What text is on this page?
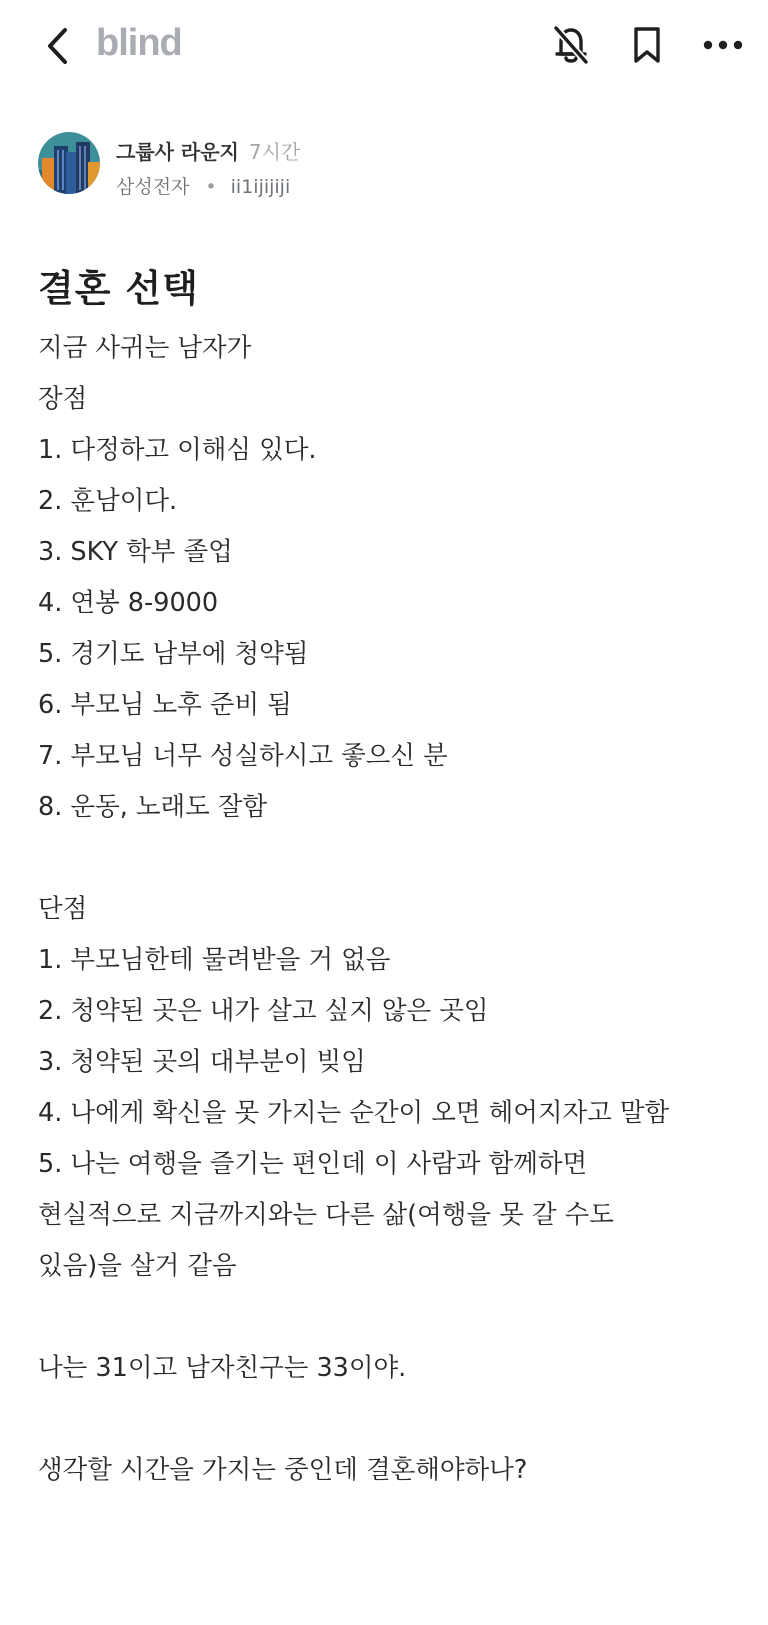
blind
그룹사 라운지 7시간
삼성전자 • ii1ijijiji
결혼 선택
지금 사귀는 남자가
장점
1. 다정하고 이해심 있다.
2. 훈남이다.
3. SKY 학부 졸업
4. 연봉 8-9000
5. 경기도 남부에 청약됨
6. 부모님 노후 준비 됨
7. 부모님 너무 성실하시고 좋으신 분
8. 운동, 노래도 잘함
단점
1. 부모님한테 물려받을 거 없음
2. 청약된 곳은 내가 살고 싶지 않은 곳임
3. 청약된 곳의 대부분이 빚임
4. 나에게 확신을 못 가지는 순간이 오면 헤어지자고 말함
5. 나는 여행을 즐기는 편인데 이 사람과 함께하면
현실적으로 지금까지와는 다른 삶(여행을 못 갈 수도
있음)을 살거 같음
나는 31이고 남자친구는 33이야.
생각할 시간을 가지는 중인데 결혼해야하나?
